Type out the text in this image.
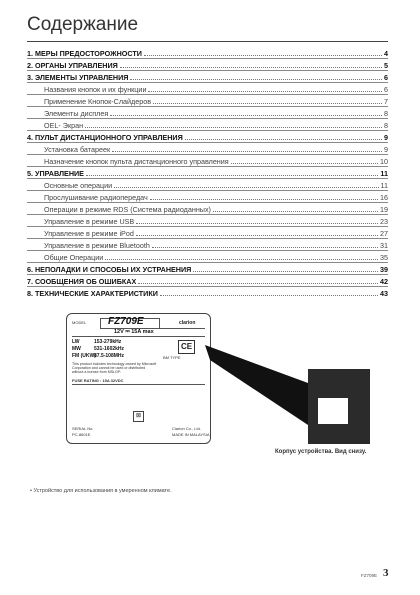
Содержание
1. МЕРЫ ПРЕДОСТОРОЖНОСТИ	4
2. ОРГАНЫ УПРАВЛЕНИЯ	5
3. ЭЛЕМЕНТЫ УПРАВЛЕНИЯ	6
Названия кнопок и их функции	6
Применение Кнопок-Слайдеров	7
Элементы дисплея	8
OEL- Экран	8
4. ПУЛЬТ ДИСТАНЦИОННОГО УПРАВЛЕНИЯ	9
Установка батареек	9
Назначение кнопок пульта дистанционного управления	10
5. УПРАВЛЕНИЕ	11
Основные операции	11
Прослушивание радиопередач	16
Операции в режиме RDS (Система радиоданных)	19
Управление в режиме USB	23
Управление в режиме iPod	27
Управление в режиме Bluetooth	31
Общие Операции	35
6. НЕПОЛАДКИ И СПОСОБЫ ИХ УСТРАНЕНИЯ	39
7. СООБЩЕНИЯ ОБ ОШИБКАХ	42
8. ТЕХНИЧЕСКИЕ ХАРАКТЕРИСТИКИ	43
MODEL FZ709E	clarion
12V ⎓ 15A max
LW	153-279kHz
MW	531-1602kHz
FM (UKW)
87.5-108MHz	BM TYPE
CE
This product includes technology owned by Microsoft Corporation and cannot be used or distributed without a license from MSLGP.
FUSE RATING : 15A 32VDC
SERIAL No.
PC-8601E
⊠
Clarion Co., Ltd.
MADE IN MALAYSIA
Корпус устройства. Вид снизу.
• Устройство для использования в умеренном климате.
FZ709E 3
